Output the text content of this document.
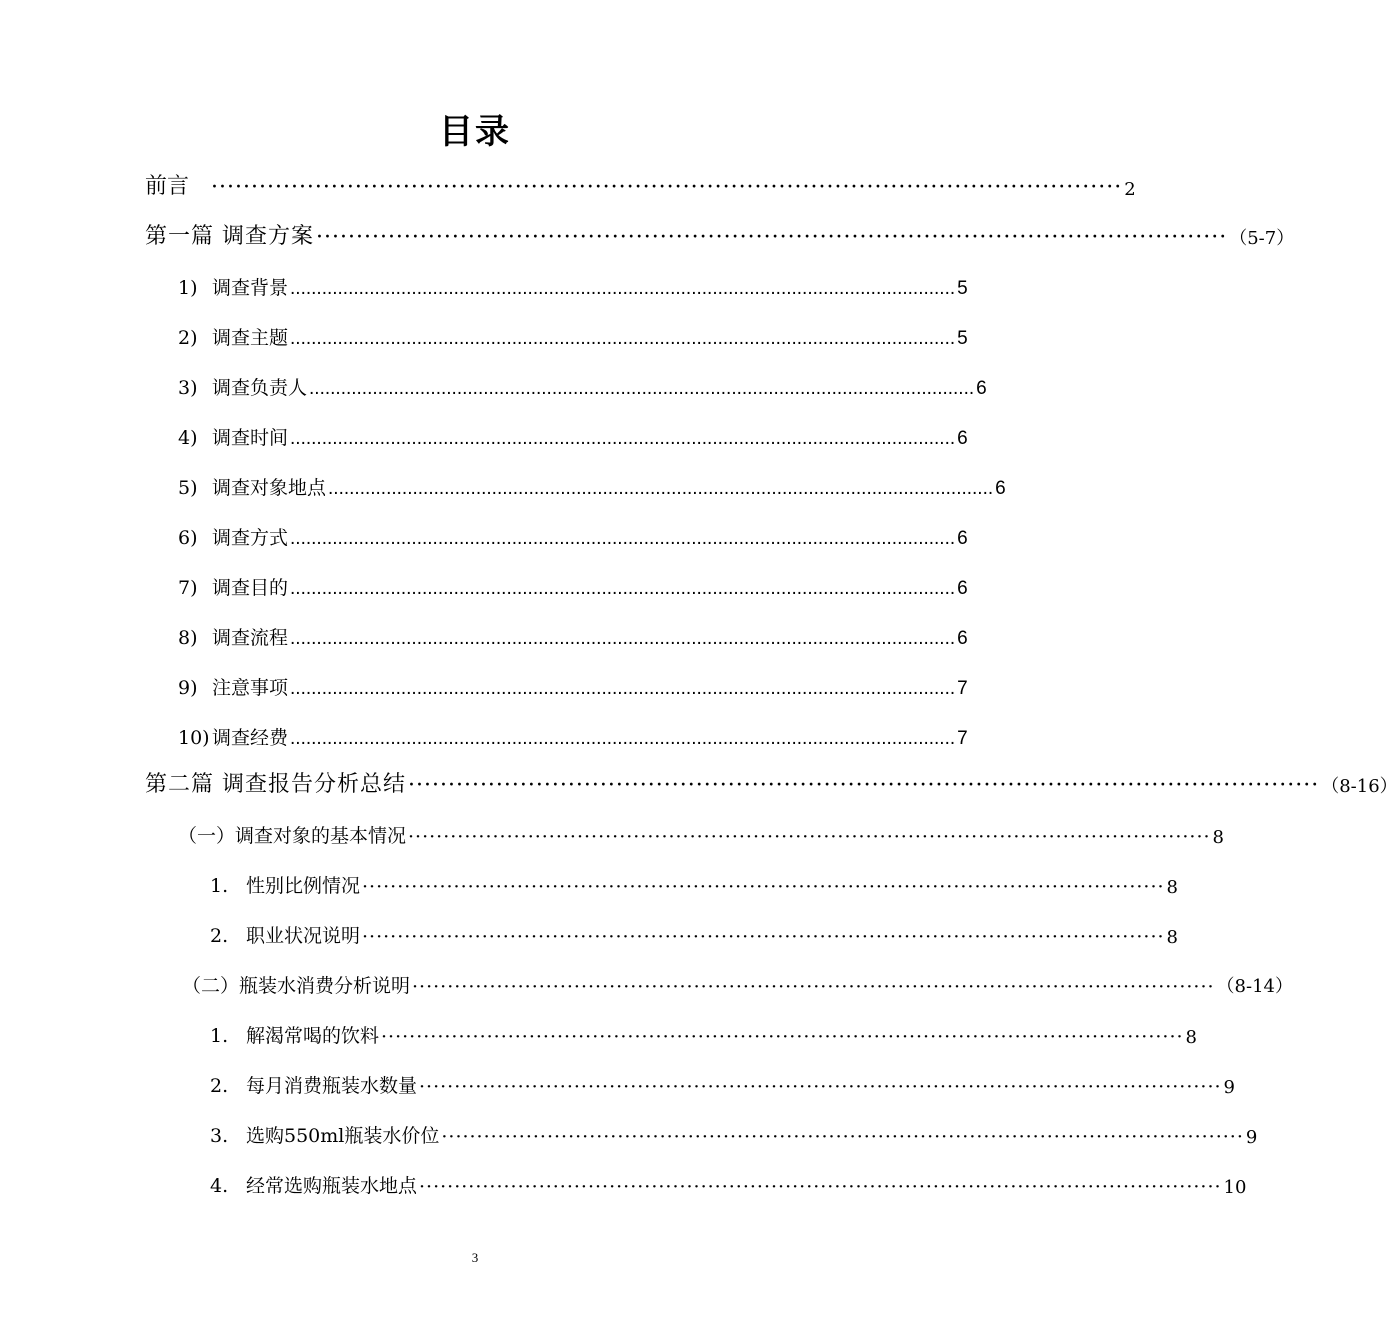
目录
前言 ·················································································································· 2
第一篇 调查方案 ·················································································································· （5-7）
1) 调查背景 .............................................................................................................................. 5
2) 调查主题 .............................................................................................................................. 5
3) 调查负责人 .............................................................................................................................. 6
4) 调查时间 .............................................................................................................................. 6
5) 调查对象地点 .............................................................................................................................. 6
6) 调查方式 .............................................................................................................................. 6
7) 调查目的 .............................................................................................................................. 6
8) 调查流程 .............................................................................................................................. 6
9) 注意事项 .............................................................................................................................. 7
10) 调查经费 .............................................................................................................................. 7
第二篇 调查报告分析总结 ·················································································································· （8-16）
（一）调查对象的基本情况 ·················································································································· 8
1. 性别比例情况 ·················································································································· 8
2. 职业状况说明 ·················································································································· 8
（二）瓶装水消费分析说明 ·················································································································· （8-14）
1. 解渴常喝的饮料 ·················································································································· 8
2. 每月消费瓶装水数量 ·················································································································· 9
3. 选购550ml瓶装水价位 ·················································································································· 9
4. 经常选购瓶装水地点 ·················································································································· 10
3
